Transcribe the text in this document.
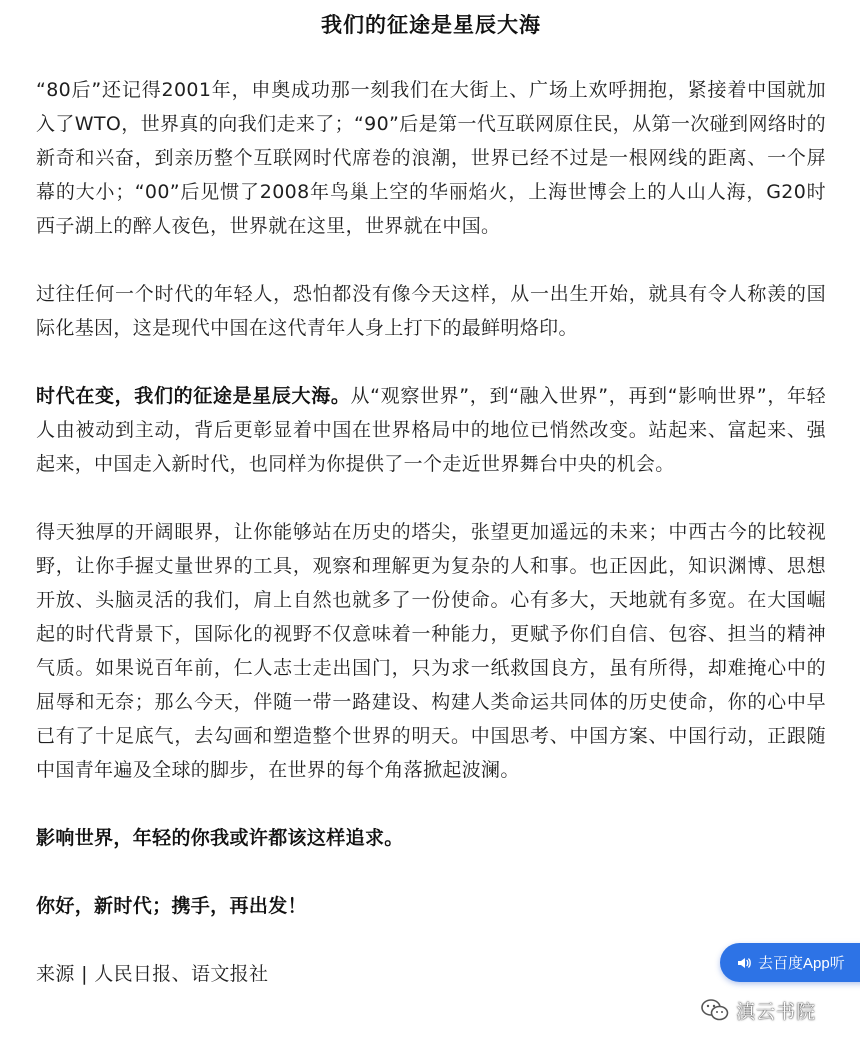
我们的征途是星辰大海

“80后”还记得2001年，申奥成功那一刻我们在大街上、广场上欢呼拥抱，紧接着中国就加入了WTO，世界真的向我们走来了；“90”后是第一代互联网原住民，从第一次碰到网络时的新奇和兴奋，到亲历整个互联网时代席卷的浪潮，世界已经不过是一根网线的距离、一个屏幕的大小；“00”后见惯了2008年鸟巢上空的华丽焰火，上海世博会上的人山人海，G20时西子湖上的醉人夜色，世界就在这里，世界就在中国。

过往任何一个时代的年轻人，恐怕都没有像今天这样，从一出生开始，就具有令人称羡的国际化基因，这是现代中国在这代青年人身上打下的最鲜明烙印。

时代在变，我们的征途是星辰大海。从“观察世界”，到“融入世界”，再到“影响世界”，年轻人由被动到主动，背后更彰显着中国在世界格局中的地位已悄然改变。站起来、富起来、强起来，中国走入新时代，也同样为你提供了一个走近世界舞台中央的机会。

得天独厚的开阔眼界，让你能够站在历史的塔尖，张望更加遥远的未来；中西古今的比较视野，让你手握丈量世界的工具，观察和理解更为复杂的人和事。也正因此，知识渊博、思想开放、头脑灵活的我们，肩上自然也就多了一份使命。心有多大，天地就有多宽。在大国崛起的时代背景下，国际化的视野不仅意味着一种能力，更赋予你们自信、包容、担当的精神气质。如果说百年前，仁人志士走出国门，只为求一纸救国良方，虽有所得，却难掩心中的屈辱和无奈；那么今天，伴随一带一路建设、构建人类命运共同体的历史使命，你的心中早已有了十足底气，去勾画和塑造整个世界的明天。中国思考、中国方案、中国行动，正跟随中国青年遍及全球的脚步，在世界的每个角落掀起波澜。

影响世界，年轻的你我或许都该这样追求。

你好，新时代；携手，再出发！

来源 | 人民日报、语文报社	去百度App听
滇云书院
